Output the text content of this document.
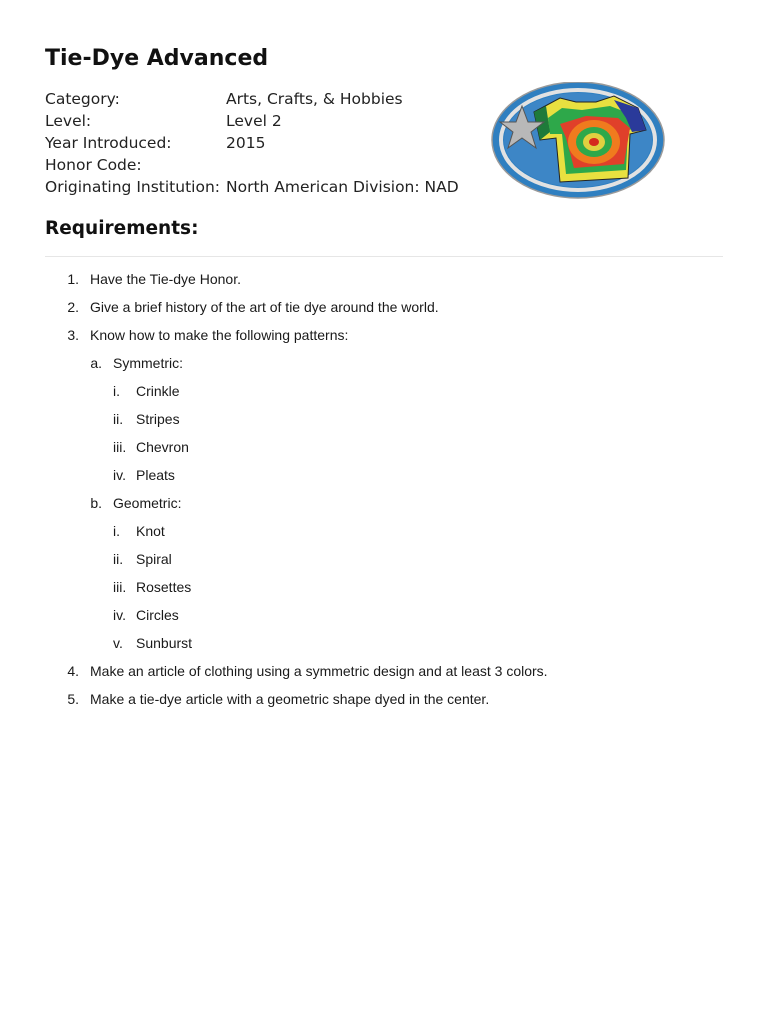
Tie-Dye Advanced
Category:	Arts, Crafts, & Hobbies
Level:	Level 2
Year Introduced:	2015
Honor Code:
Originating Institution: North American Division: NAD
Requirements:
1. Have the Tie-dye Honor.
2. Give a brief history of the art of tie dye around the world.
3. Know how to make the following patterns:
a. Symmetric:
i.	Crinkle
ii. Stripes
iii. Chevron
iv. Pleats
b. Geometric:
i.	Knot
ii. Spiral
iii. Rosettes
iv. Circles
v. Sunburst
4. Make an article of clothing using a symmetric design and at least 3 colors.
5. Make a tie-dye article with a geometric shape dyed in the center.
